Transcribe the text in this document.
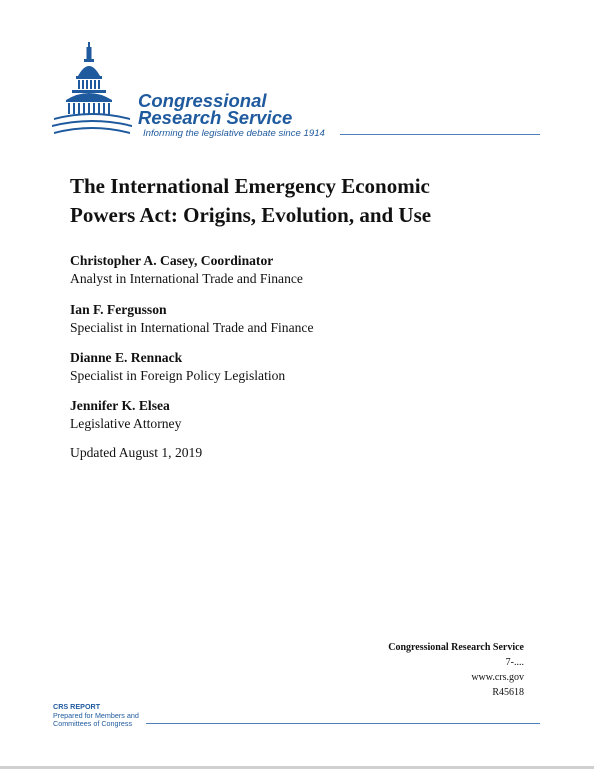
Congressional
Research Service
Informing the legislative debate since 1914
The International Emergency Economic
Powers Act: Origins, Evolution, and Use
Christopher A. Casey, Coordinator
Analyst in International Trade and Finance
Ian F. Fergusson
Specialist in International Trade and Finance
Dianne E. Rennack
Specialist in Foreign Policy Legislation
Jennifer K. Elsea
Legislative Attorney
Updated August 1, 2019
Congressional Research Service
7-....
www.crs.gov
R45618
CRS REPORT
Prepared for Members and
Committees of Congress
